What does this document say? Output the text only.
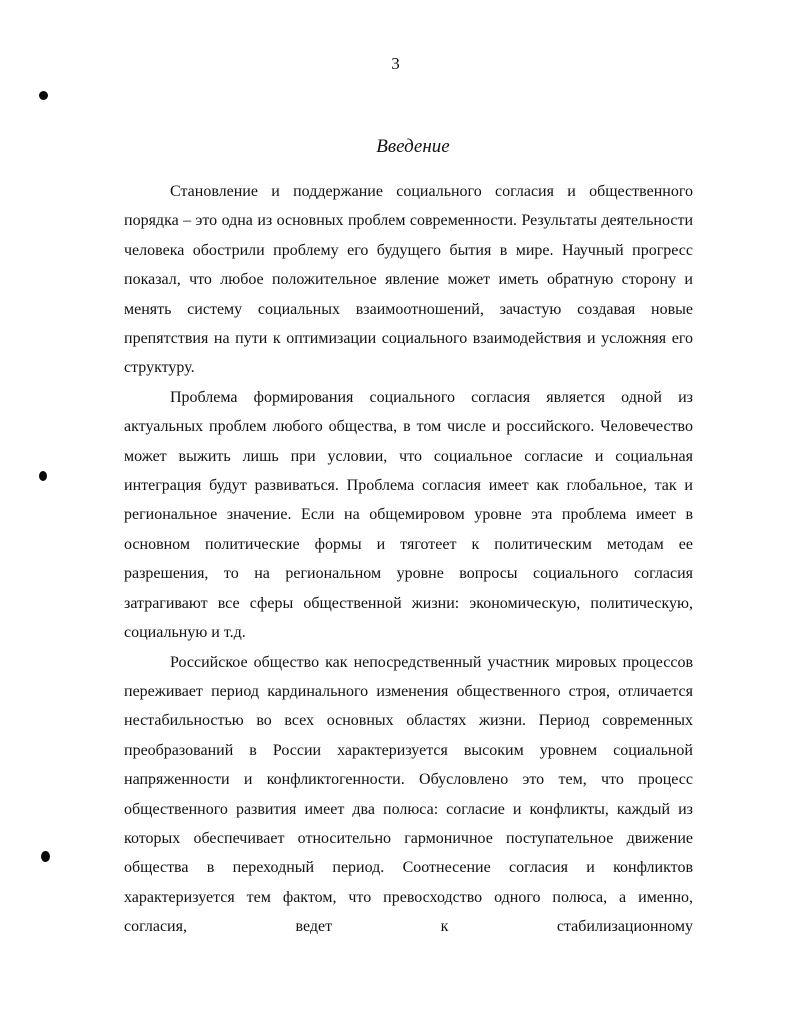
3
Введение

Становление и поддержание социального согласия и общественного порядка – это одна из основных проблем современности. Результаты деятельности человека обострили проблему его будущего бытия в мире. Научный прогресс показал, что любое положительное явление может иметь обратную сторону и менять систему социальных взаимоотношений, зачастую создавая новые препятствия на пути к оптимизации социального взаимодействия и усложняя его структуру.

Проблема формирования социального согласия является одной из актуальных проблем любого общества, в том числе и российского. Человечество может выжить лишь при условии, что социальное согласие и социальная интеграция будут развиваться. Проблема согласия имеет как глобальное, так и региональное значение. Если на общемировом уровне эта проблема имеет в основном политические формы и тяготеет к политическим методам ее разрешения, то на региональном уровне вопросы социального согласия затрагивают все сферы общественной жизни: экономическую, политическую, социальную и т.д.

Российское общество как непосредственный участник мировых процессов переживает период кардинального изменения общественного строя, отличается нестабильностью во всех основных областях жизни. Период современных преобразований в России характеризуется высоким уровнем социальной напряженности и конфликтогенности. Обусловлено это тем, что процесс общественного развития имеет два полюса: согласие и конфликты, каждый из которых обеспечивает относительно гармоничное поступательное движение общества в переходный период. Соотнесение согласия и конфликтов характеризуется тем фактом, что превосходство одного полюса, а именно, согласия, ведет к стабилизационному
